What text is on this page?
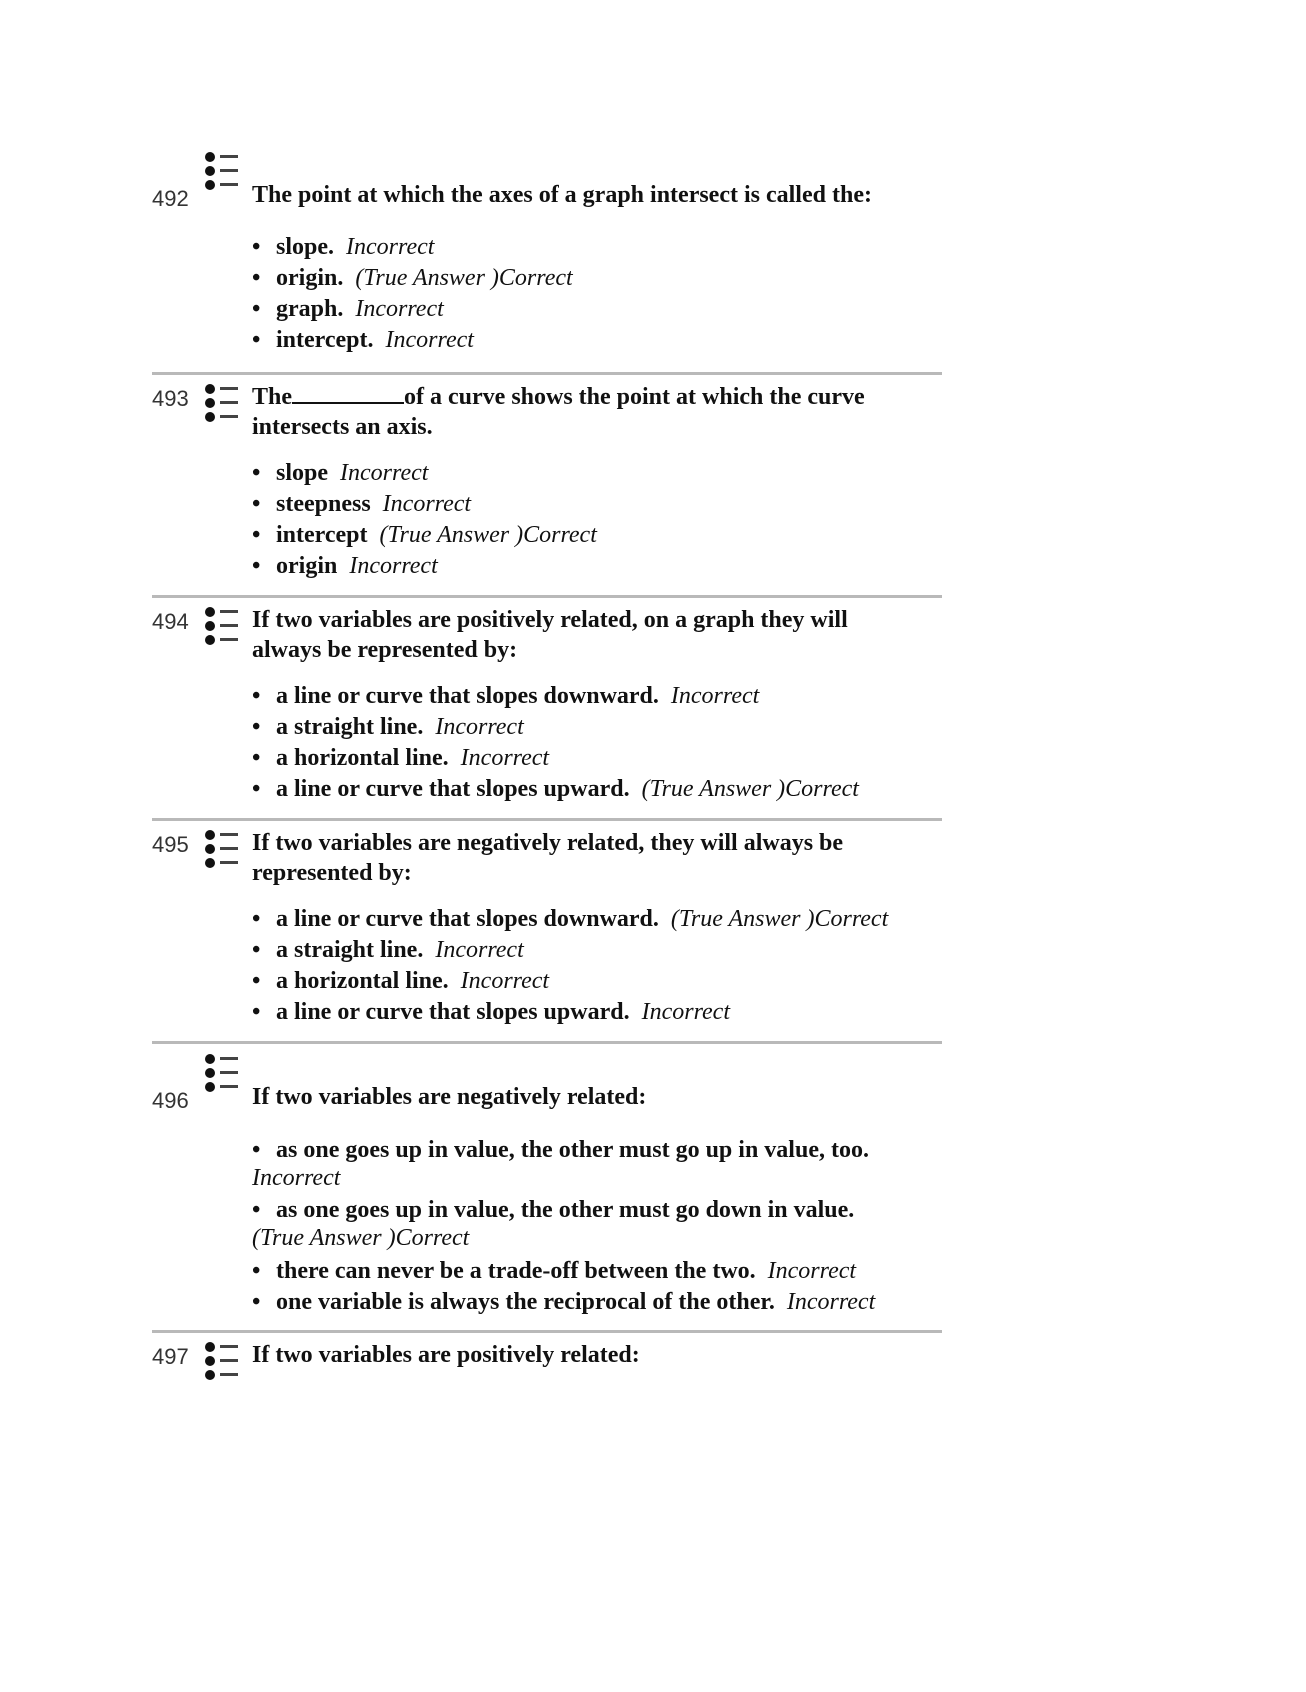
492	The point at which the axes of a graph intersect is called the:
• slope. Incorrect
• origin. (True Answer )Correct
• graph. Incorrect
• intercept. Incorrect
493	The	of a curve shows the point at which the curve intersects an axis.
• slope Incorrect
• steepness Incorrect
• intercept (True Answer )Correct
• origin Incorrect
494	If two variables are positively related, on a graph they will always be represented by:
• a line or curve that slopes downward. Incorrect
• a straight line. Incorrect
• a horizontal line. Incorrect
• a line or curve that slopes upward. (True Answer )Correct
495	If two variables are negatively related, they will always be represented by:
• a line or curve that slopes downward. (True Answer )Correct
• a straight line. Incorrect
• a horizontal line. Incorrect
• a line or curve that slopes upward. Incorrect
496	If two variables are negatively related:
• as one goes up in value, the other must go up in value, too.  Incorrect
• as one goes up in value, the other must go down in value.  (True Answer )Correct
• there can never be a trade-off between the two. Incorrect
• one variable is always the reciprocal of the other. Incorrect
497	If two variables are positively related:
